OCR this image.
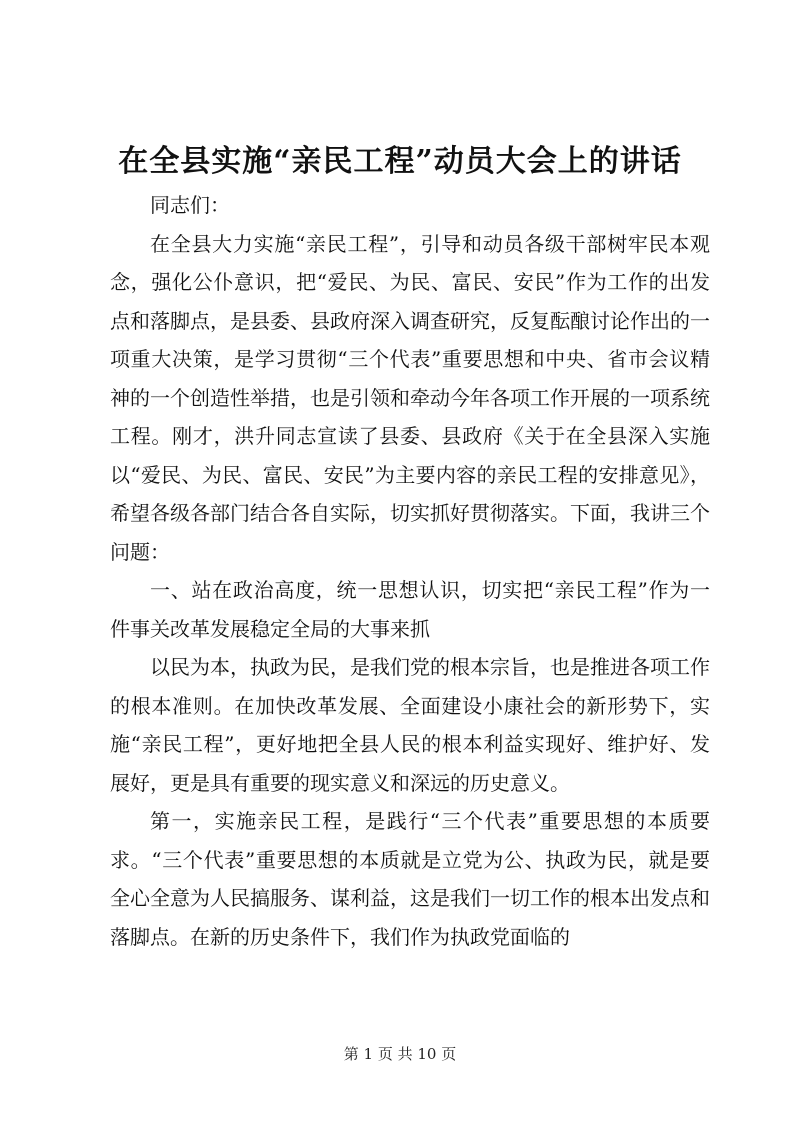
在全县实施“亲民工程”动员大会上的讲话

同志们：

在全县大力实施“亲民工程”，引导和动员各级干部树牢民本观念，强化公仆意识，把“爱民、为民、富民、安民”作为工作的出发点和落脚点，是县委、县政府深入调查研究，反复酝酿讨论作出的一项重大决策，是学习贯彻“三个代表”重要思想和中央、省市会议精神的一个创造性举措，也是引领和牵动今年各项工作开展的一项系统工程。刚才，洪升同志宣读了县委、县政府《关于在全县深入实施以“爱民、为民、富民、安民”为主要内容的亲民工程的安排意见》，希望各级各部门结合各自实际，切实抓好贯彻落实。下面，我讲三个问题：

一、站在政治高度，统一思想认识，切实把“亲民工程”作为一件事关改革发展稳定全局的大事来抓

以民为本，执政为民，是我们党的根本宗旨，也是推进各项工作的根本准则。在加快改革发展、全面建设小康社会的新形势下，实施“亲民工程”，更好地把全县人民的根本利益实现好、维护好、发展好，更是具有重要的现实意义和深远的历史意义。

第一，实施亲民工程，是践行“三个代表”重要思想的本质要求。“三个代表”重要思想的本质就是立党为公、执政为民，就是要全心全意为人民搞服务、谋利益，这是我们一切工作的根本出发点和落脚点。在新的历史条件下，我们作为执政党面临的

第 1 页 共 10 页
